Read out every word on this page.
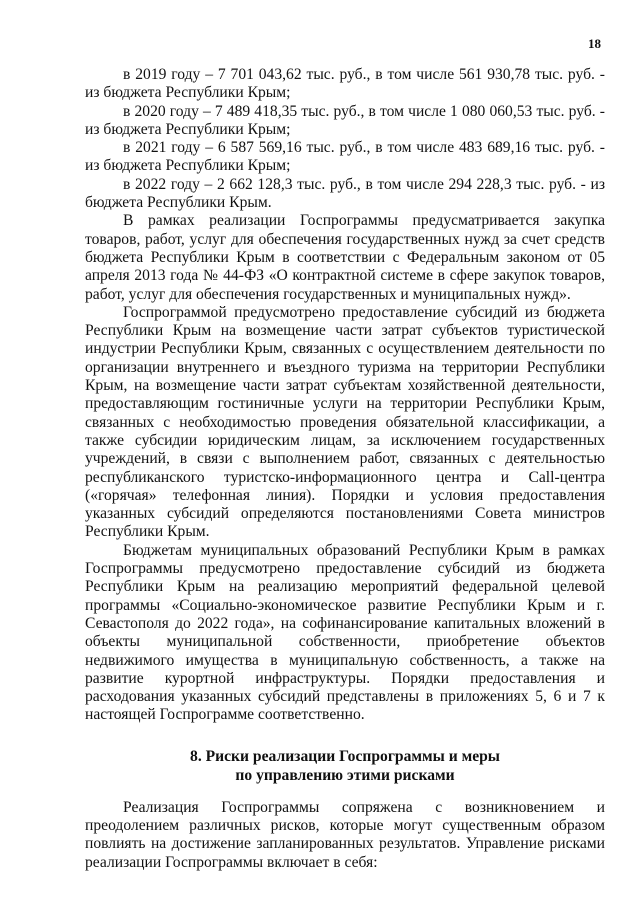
18

в 2019 году – 7 701 043,62 тыс. руб., в том числе 561 930,78 тыс. руб. - из бюджета Республики Крым;

в 2020 году – 7 489 418,35 тыс. руб., в том числе 1 080 060,53 тыс. руб. - из бюджета Республики Крым;

в 2021 году – 6 587 569,16 тыс. руб., в том числе 483 689,16 тыс. руб. - из бюджета Республики Крым;

в 2022 году – 2 662 128,3 тыс. руб., в том числе 294 228,3 тыс. руб. - из бюджета Республики Крым.

В рамках реализации Госпрограммы предусматривается закупка товаров, работ, услуг для обеспечения государственных нужд за счет средств бюджета Республики Крым в соответствии с Федеральным законом от 05 апреля 2013 года № 44-ФЗ «О контрактной системе в сфере закупок товаров, работ, услуг для обеспечения государственных и муниципальных нужд».

Госпрограммой предусмотрено предоставление субсидий из бюджета Республики Крым на возмещение части затрат субъектов туристической индустрии Республики Крым, связанных с осуществлением деятельности по организации внутреннего и въездного туризма на территории Республики Крым, на возмещение части затрат субъектам хозяйственной деятельности, предоставляющим гостиничные услуги на территории Республики Крым, связанных с необходимостью проведения обязательной классификации, а также субсидии юридическим лицам, за исключением государственных учреждений, в связи с выполнением работ, связанных с деятельностью республиканского туристско-информационного центра и Call-центра («горячая» телефонная линия). Порядки и условия предоставления указанных субсидий определяются постановлениями Совета министров Республики Крым.

Бюджетам муниципальных образований Республики Крым в рамках Госпрограммы предусмотрено предоставление субсидий из бюджета Республики Крым на реализацию мероприятий федеральной целевой программы «Социально-экономическое развитие Республики Крым и г. Севастополя до 2022 года», на софинансирование капитальных вложений в объекты муниципальной собственности, приобретение объектов недвижимого имущества в муниципальную собственность, а также на развитие курортной инфраструктуры. Порядки предоставления и расходования указанных субсидий представлены в приложениях 5, 6 и 7 к настоящей Госпрограмме соответственно.

8. Риски реализации Госпрограммы и меры
по управлению этими рисками

Реализация Госпрограммы сопряжена с возникновением и преодолением различных рисков, которые могут существенным образом повлиять на достижение запланированных результатов. Управление рисками реализации Госпрограммы включает в себя:
